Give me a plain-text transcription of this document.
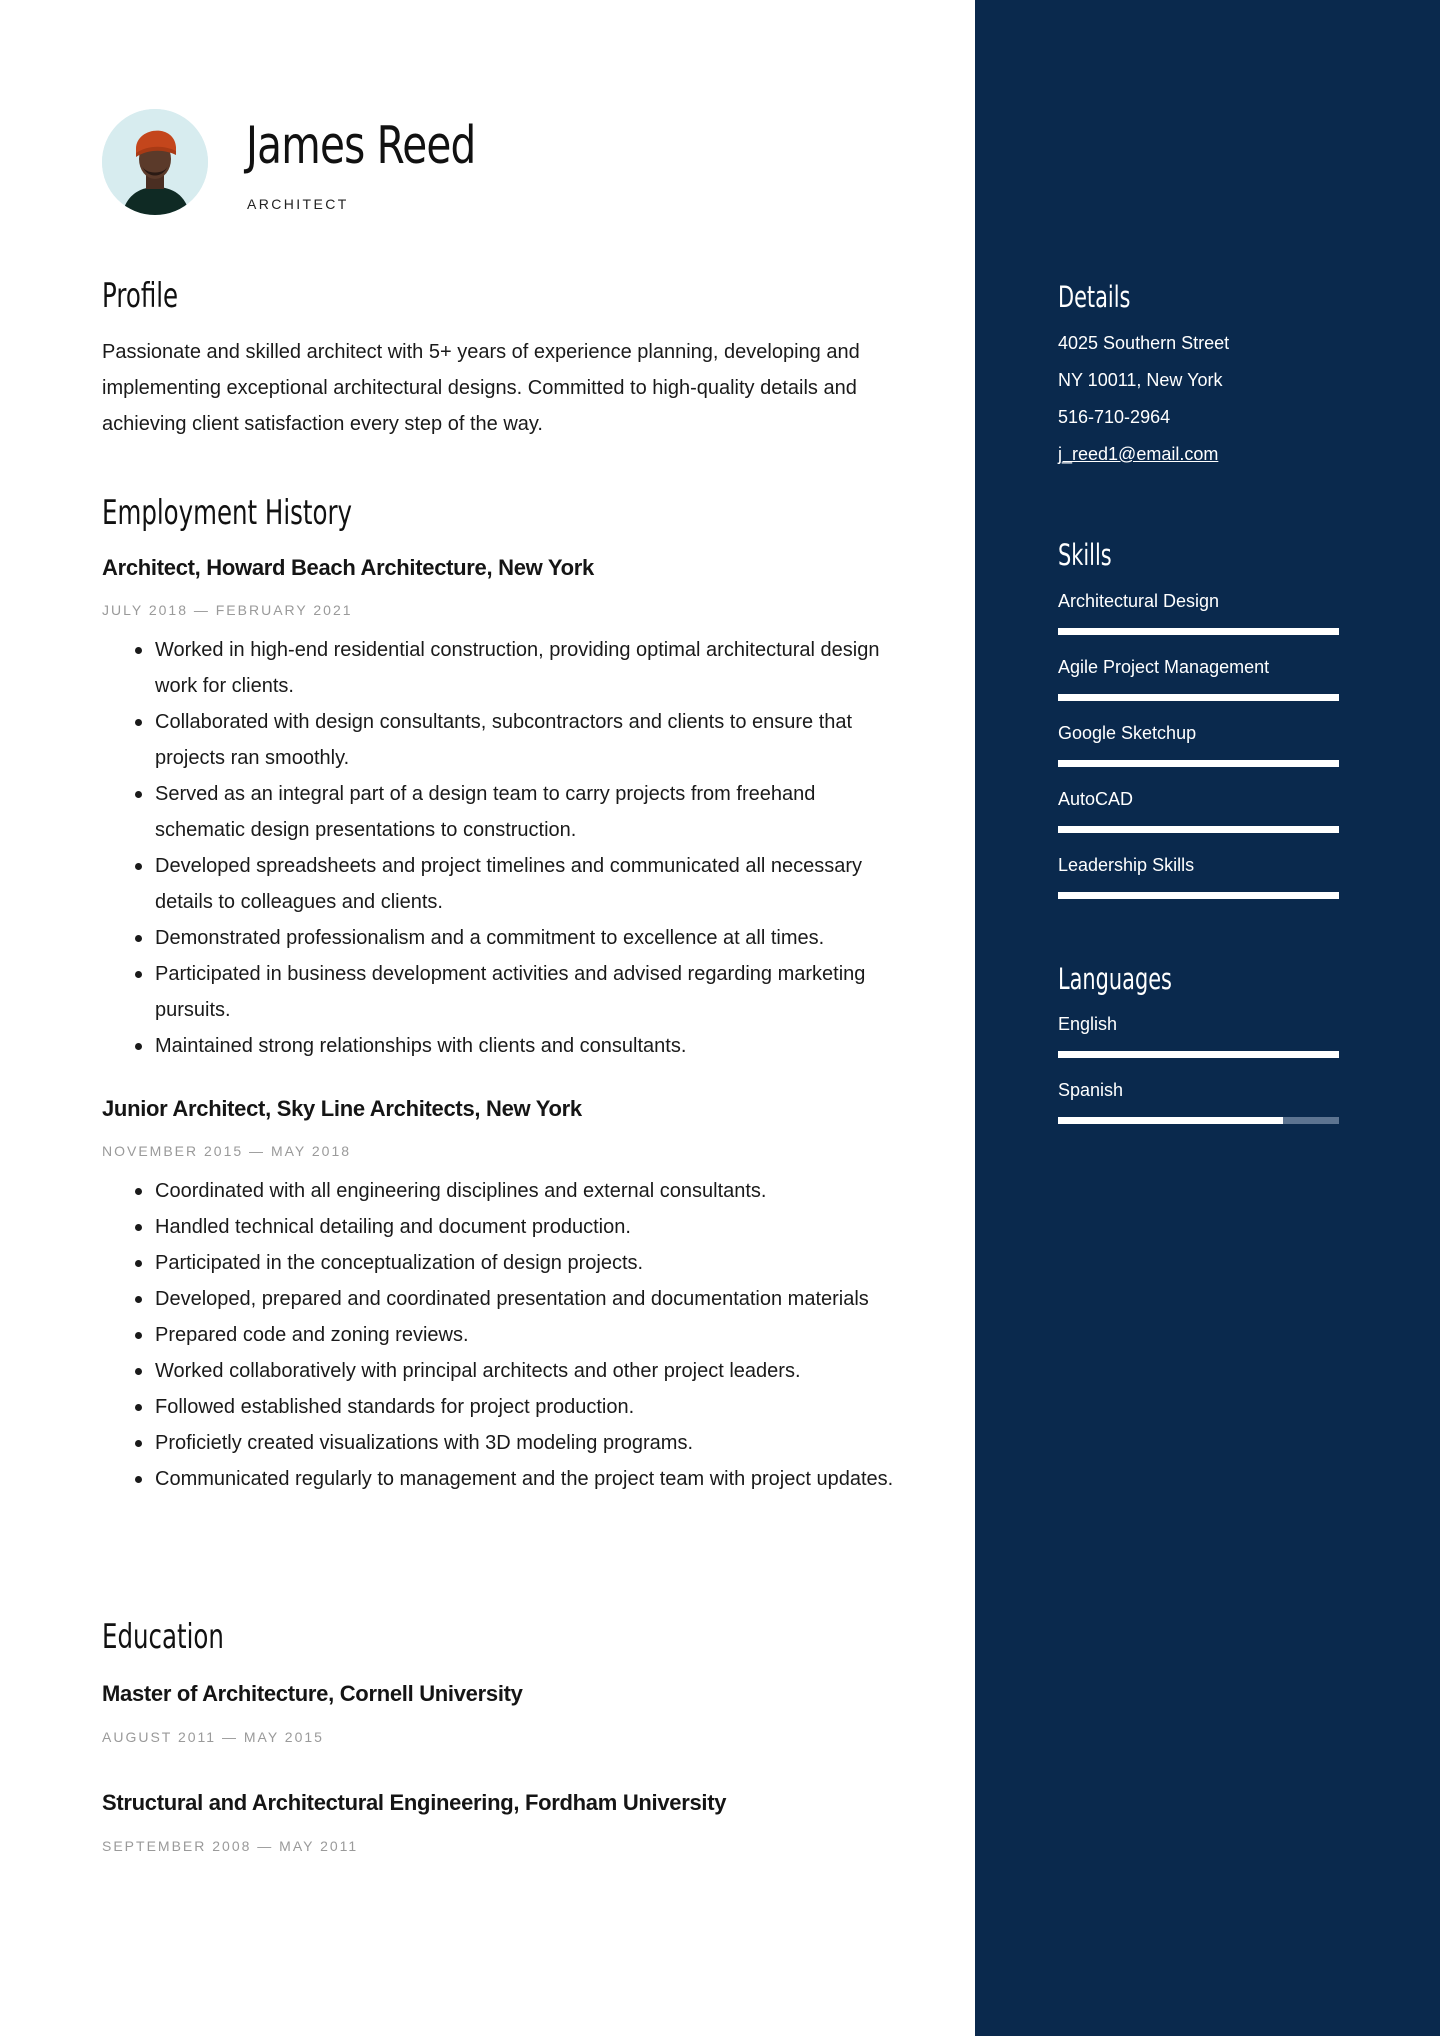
James Reed
ARCHITECT
Profile

Passionate and skilled architect with 5+ years of experience planning, developing and implementing exceptional architectural designs. Committed to high-quality details and achieving client satisfaction every step of the way.

Employment History
Architect, Howard Beach Architecture, New York
JULY 2018 — FEBRUARY 2021
Worked in high-end residential construction, providing optimal architectural design work for clients.
Collaborated with design consultants, subcontractors and clients to ensure that projects ran smoothly.
Served as an integral part of a design team to carry projects from freehand schematic design presentations to construction.
Developed spreadsheets and project timelines and communicated all necessary details to colleagues and clients.
Demonstrated professionalism and a commitment to excellence at all times.
Participated in business development activities and advised regarding marketing pursuits.
Maintained strong relationships with clients and consultants.
Junior Architect, Sky Line Architects, New York
NOVEMBER 2015 — MAY 2018
Coordinated with all engineering disciplines and external consultants.
Handled technical detailing and document production.
Participated in the conceptualization of design projects.
Developed, prepared and coordinated presentation and documentation materials
Prepared code and zoning reviews.
Worked collaboratively with principal architects and other project leaders.
Followed established standards for project production.
Proficietly created visualizations with 3D modeling programs.
Communicated regularly to management and the project team with project updates.
Education
Master of Architecture, Cornell University
AUGUST 2011 — MAY 2015
Structural and Architectural Engineering, Fordham University
SEPTEMBER 2008 — MAY 2011
Details
4025 Southern Street
NY 10011, New York
516-710-2964
j_reed1@email.com
Skills
Architectural Design
Agile Project Management
Google Sketchup
AutoCAD
Leadership Skills
Languages
English
Spanish
